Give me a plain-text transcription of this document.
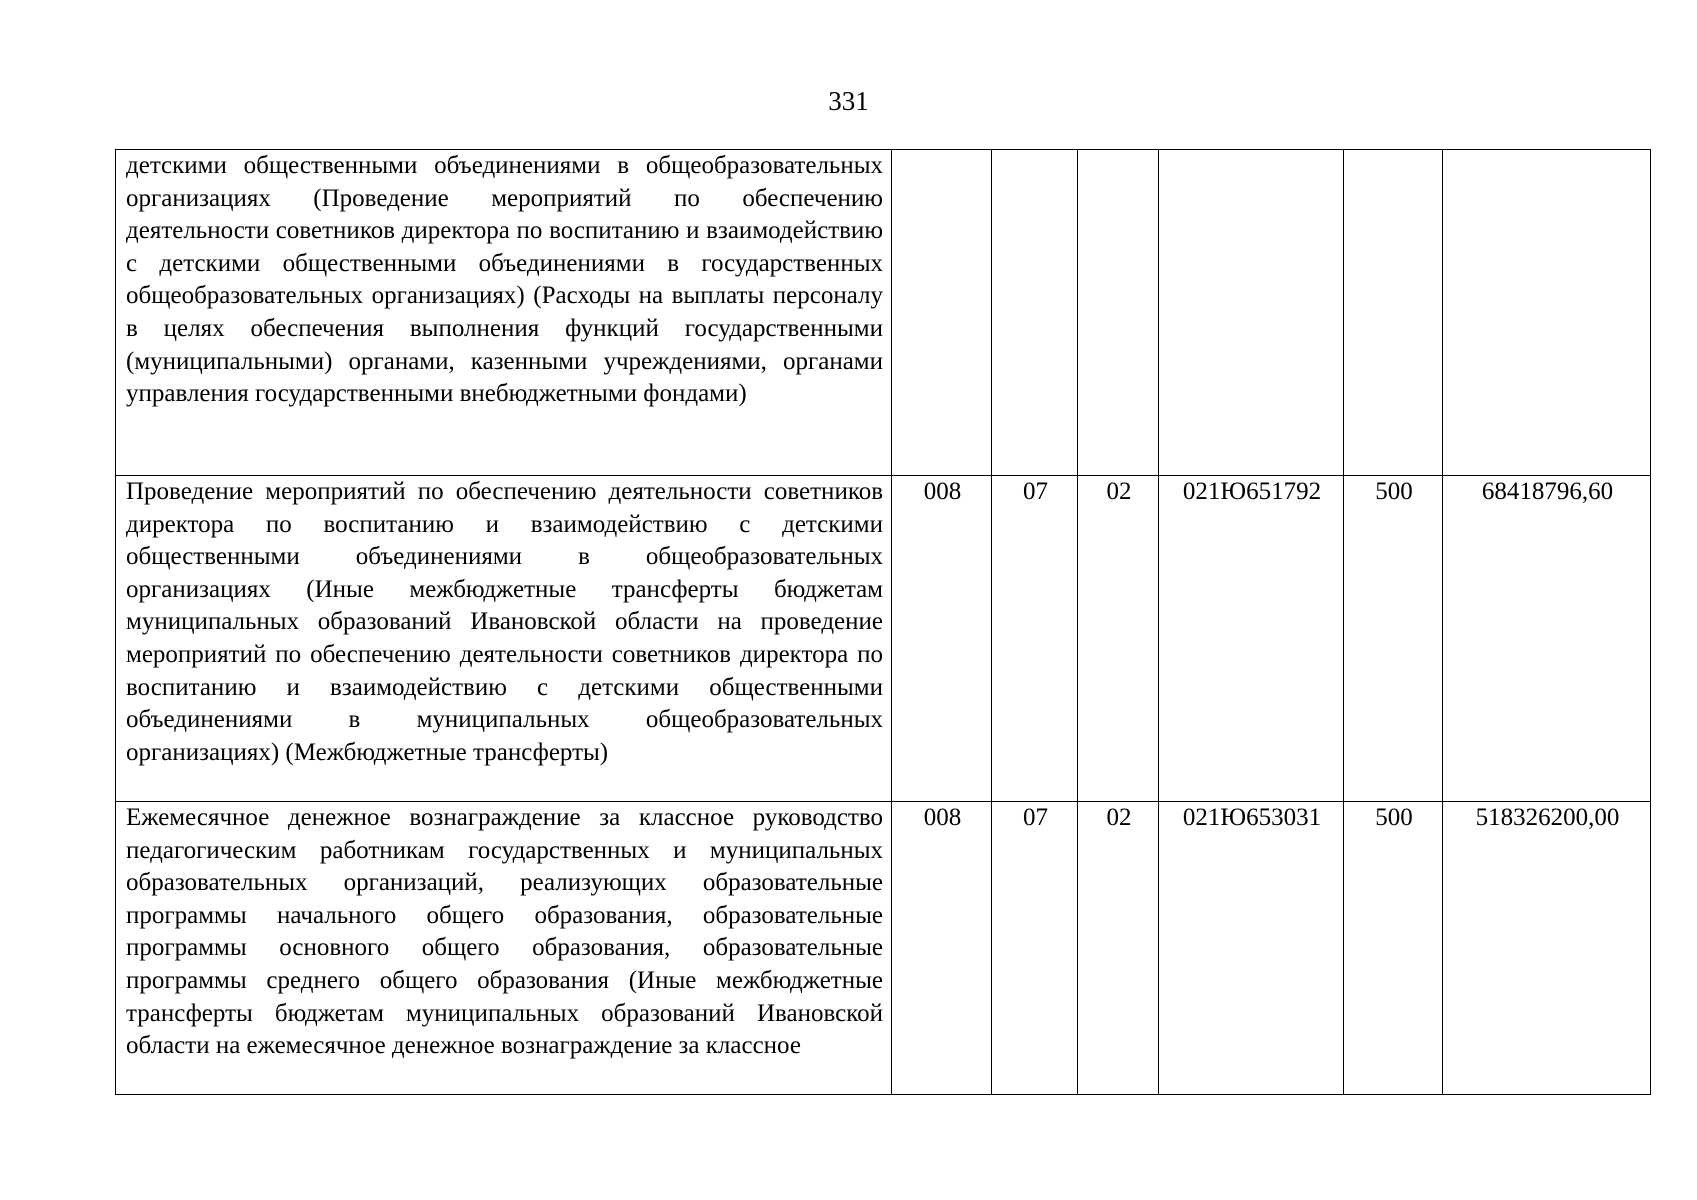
331
детскими общественными объединениями в общеобразовательных организациях (Проведение мероприятий по обеспечению деятельности советников директора по воспитанию и взаимодействию с детскими общественными объединениями в государственных общеобразовательных организациях) (Расходы на выплаты персоналу в целях обеспечения выполнения функций государственными (муниципальными) органами, казенными учреждениями, органами управления государственными внебюджетными фондами)						

Проведение мероприятий по обеспечению деятельности советников директора по воспитанию и взаимодействию с детскими общественными объединениями в общеобразовательных организациях (Иные межбюджетные трансферты бюджетам муниципальных образований Ивановской области на проведение мероприятий по обеспечению деятельности советников директора по воспитанию и взаимодействию с детскими общественными объединениями в муниципальных общеобразовательных организациях) (Межбюджетные трансферты)	008	07	02	021Ю651792	500	68418796,60

Ежемесячное денежное вознаграждение за классное руководство педагогическим работникам государственных и муниципальных образовательных организаций, реализующих образовательные программы начального общего образования, образовательные программы основного общего образования, образовательные программы среднего общего образования (Иные межбюджетные трансферты бюджетам муниципальных образований Ивановской области на ежемесячное денежное вознаграждение за классное	008	07	02	021Ю653031	500	518326200,00
